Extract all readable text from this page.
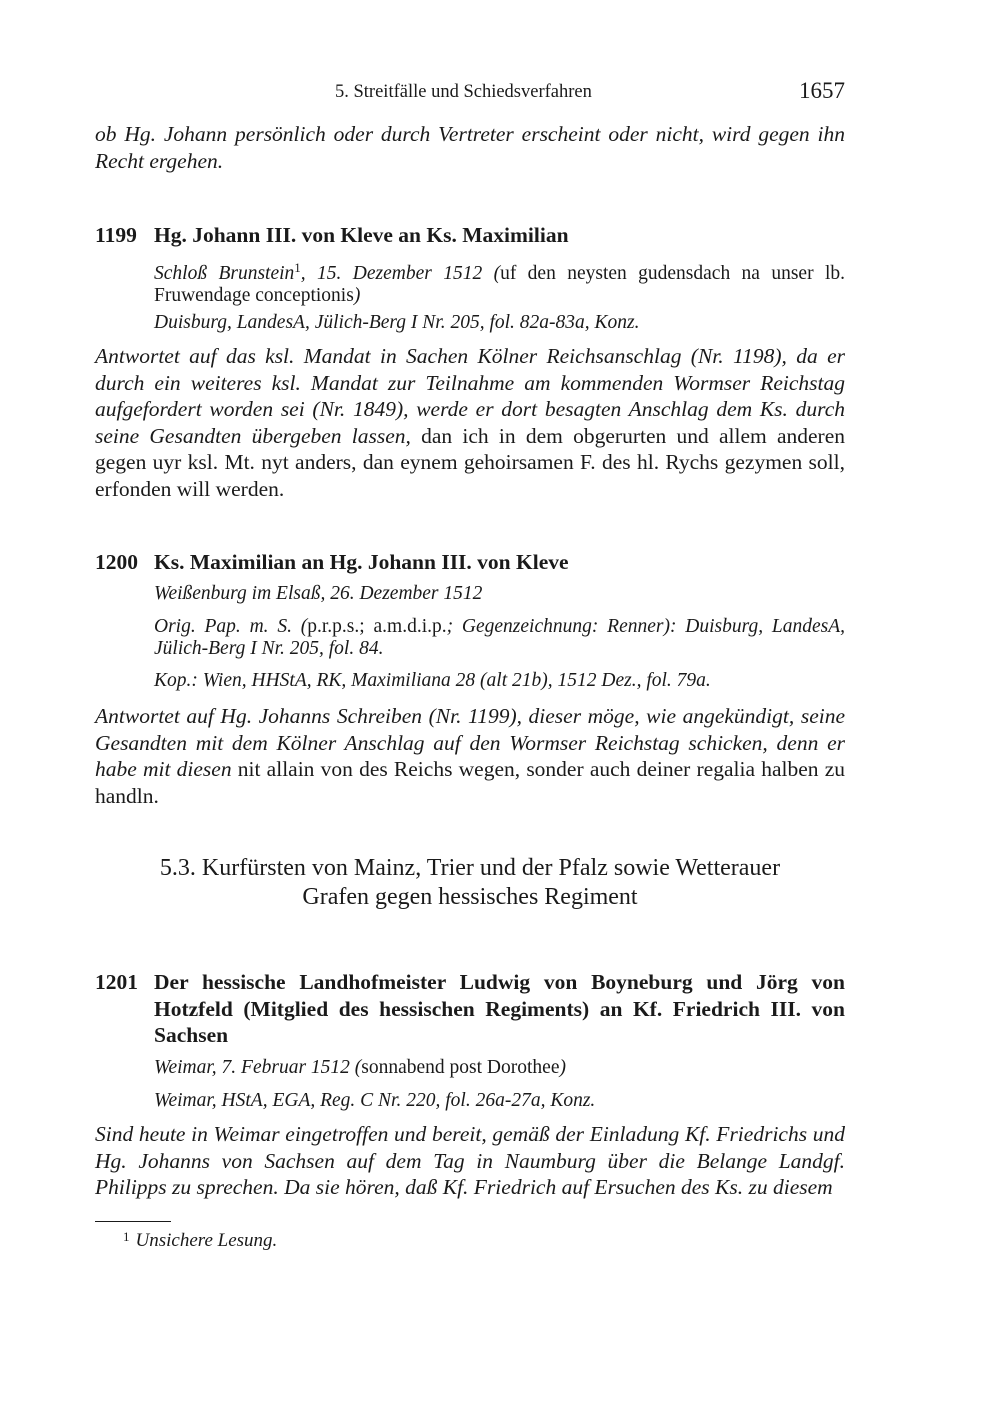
5. Streitfälle und Schiedsverfahren	1657

ob Hg. Johann persönlich oder durch Vertreter erscheint oder nicht, wird gegen ihn Recht ergehen.

1199 Hg. Johann III. von Kleve an Ks. Maximilian
Schloß Brunstein$^1$, 15. Dezember 1512 (uf den neysten gudensdach na unser lb. Fruwendage conceptionis)
Duisburg, LandesA, Jülich-Berg I Nr. 205, fol. 82a-83a, Konz.

Antwortet auf das ksl. Mandat in Sachen Kölner Reichsanschlag (Nr. 1198), da er durch ein weiteres ksl. Mandat zur Teilnahme am kommenden Wormser Reichstag aufgefordert worden sei (Nr. 1849), werde er dort besagten Anschlag dem Ks. durch seine Gesandten übergeben lassen, dan ich in dem obgerurten und allem anderen gegen uyr ksl. Mt. nyt anders, dan eynem gehoirsamen F. des hl. Rychs gezymen soll, erfonden will werden.

1200 Ks. Maximilian an Hg. Johann III. von Kleve
Weißenburg im Elsaß, 26. Dezember 1512
Orig. Pap. m. S. (p.r.p.s.; a.m.d.i.p.; Gegenzeichnung: Renner): Duisburg, LandesA, Jülich-Berg I Nr. 205, fol. 84.
Kop.: Wien, HHStA, RK, Maximiliana 28 (alt 21b), 1512 Dez., fol. 79a.

Antwortet auf Hg. Johanns Schreiben (Nr. 1199), dieser möge, wie angekündigt, seine Gesandten mit dem Kölner Anschlag auf den Wormser Reichstag schicken, denn er habe mit diesen nit allain von des Reichs wegen, sonder auch deiner regalia halben zu handln.

5.3. Kurfürsten von Mainz, Trier und der Pfalz sowie Wetterauer
Grafen gegen hessisches Regiment
1201 Der hessische Landhofmeister Ludwig von Boyneburg und Jörg von Hotzfeld (Mitglied des hessischen Regiments) an Kf. Friedrich III. von Sachsen
Weimar, 7. Februar 1512 (sonnabend post Dorothee)
Weimar, HStA, EGA, Reg. C Nr. 220, fol. 26a-27a, Konz.

Sind heute in Weimar eingetroffen und bereit, gemäß der Einladung Kf. Friedrichs und Hg. Johanns von Sachsen auf dem Tag in Naumburg über die Belange Landgf. Philipps zu sprechen. Da sie hören, daß Kf. Friedrich auf Ersuchen des Ks. zu diesem

$^1$ Unsichere Lesung.
